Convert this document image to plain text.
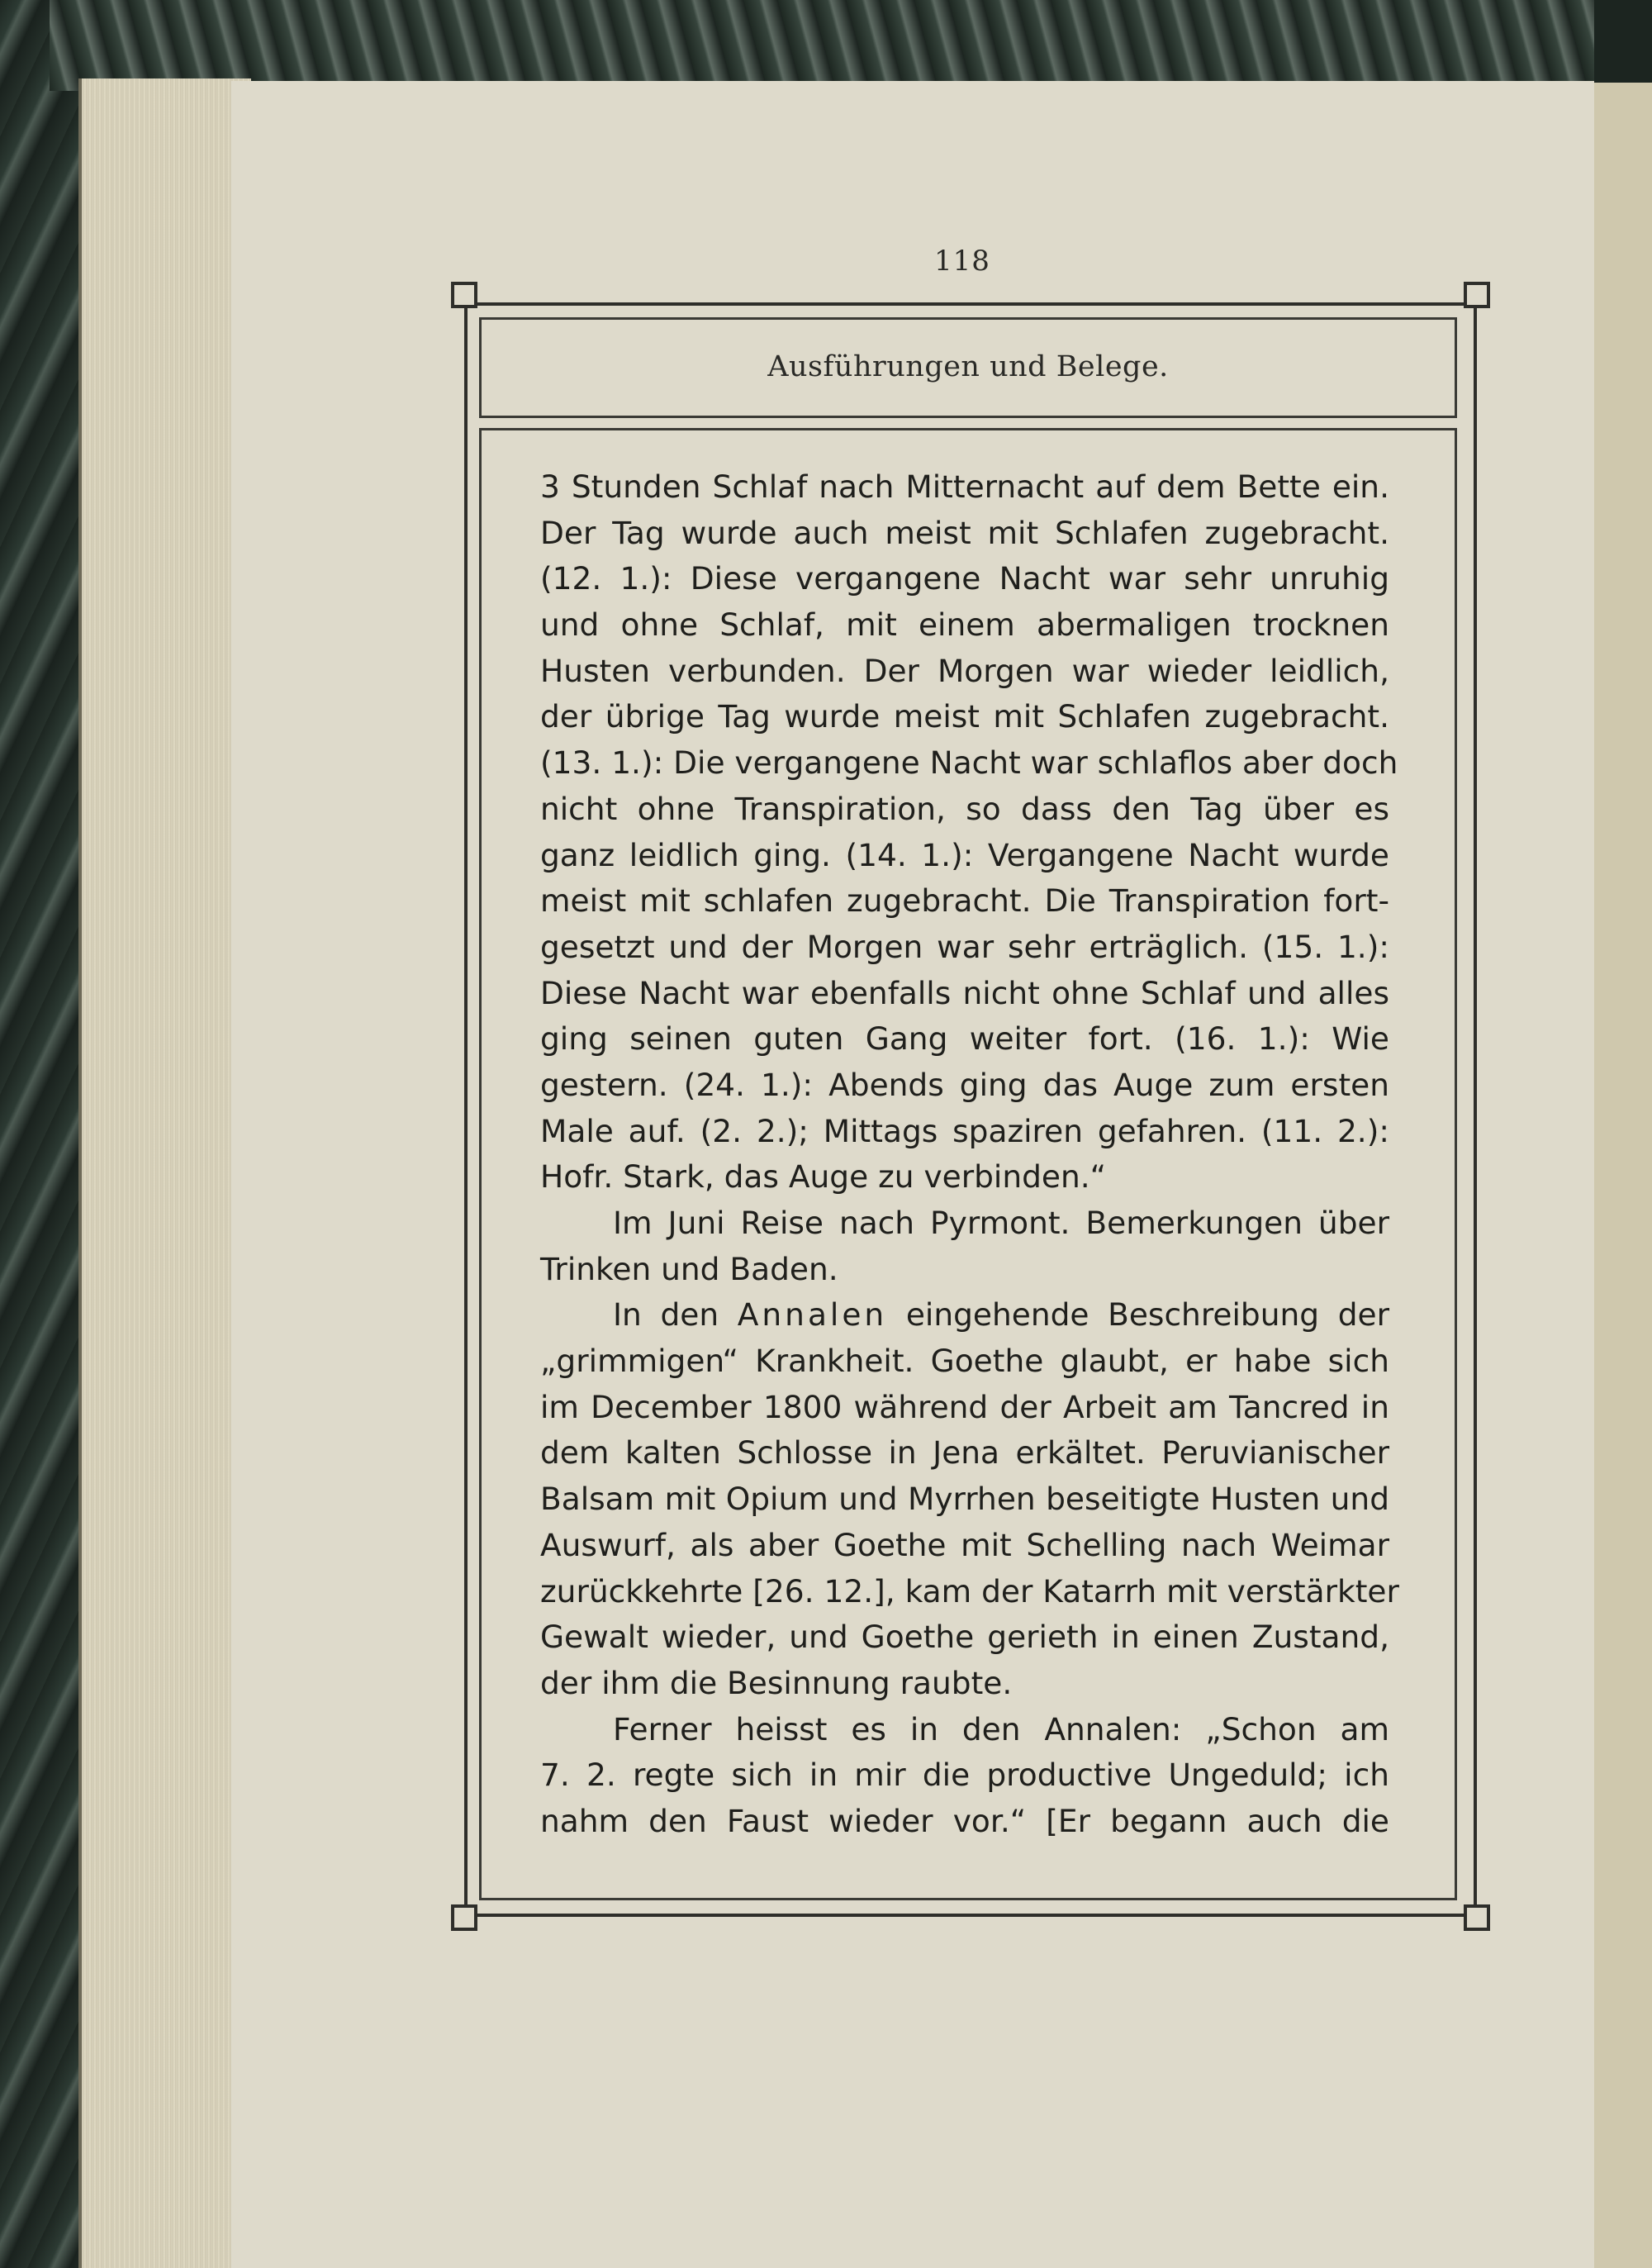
118
Ausführungen und Belege.
3 Stunden Schlaf nach Mitternacht auf dem Bette ein.
Der Tag wurde auch meist mit Schlafen zugebracht.
(12. 1.): Diese vergangene Nacht war sehr unruhig
und ohne Schlaf, mit einem abermaligen trocknen
Husten verbunden. Der Morgen war wieder leidlich,
der übrige Tag wurde meist mit Schlafen zugebracht.
(13. 1.): Die vergangene Nacht war schlaflos aber doch
nicht ohne Transpiration, so dass den Tag über es
ganz leidlich ging. (14. 1.): Vergangene Nacht wurde
meist mit schlafen zugebracht. Die Transpiration fort-
gesetzt und der Morgen war sehr erträglich. (15. 1.):
Diese Nacht war ebenfalls nicht ohne Schlaf und alles
ging seinen guten Gang weiter fort. (16. 1.): Wie
gestern. (24. 1.): Abends ging das Auge zum ersten
Male auf. (2. 2.); Mittags spaziren gefahren. (11. 2.):
Hofr. Stark, das Auge zu verbinden.“
Im Juni Reise nach Pyrmont. Bemerkungen über
Trinken und Baden.
In den Annalen eingehende Beschreibung der
„grimmigen“ Krankheit. Goethe glaubt, er habe sich
im December 1800 während der Arbeit am Tancred in
dem kalten Schlosse in Jena erkältet. Peruvianischer
Balsam mit Opium und Myrrhen beseitigte Husten und
Auswurf, als aber Goethe mit Schelling nach Weimar
zurückkehrte [26. 12.], kam der Katarrh mit verstärkter
Gewalt wieder, und Goethe gerieth in einen Zustand,
der ihm die Besinnung raubte.
Ferner heisst es in den Annalen: „Schon am
7. 2. regte sich in mir die productive Ungeduld; ich
nahm den Faust wieder vor.“ [Er begann auch die
